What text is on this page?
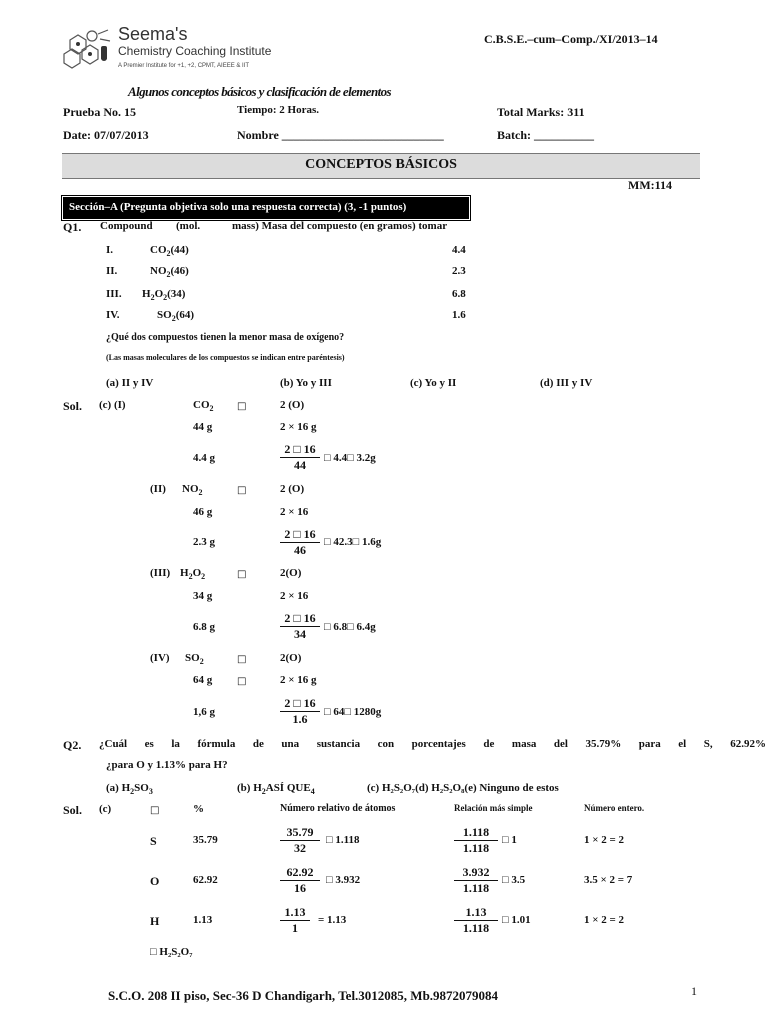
Seema's
Chemistry Coaching Institute
A Premier Institute for +1, +2, CPMT, AIEEE & IIT
C.B.S.E.–cum–Comp./XI/2013–14
Algunos conceptos básicos y clasificación de elementos
Prueba No. 15	Tiempo: 2 Horas.	Total Marks: 311
Date: 07/07/2013	Nombre ___________________________	Batch: __________
CONCEPTOS BÁSICOS
MM:114
Sección–A (Pregunta objetiva solo una respuesta correcta) (3, -1 puntos)
Q1. Compound (mol.	mass) Masa del compuesto (en gramos) tomar
I.	$CO_2(44)$	4.4
II.	$NO_2(46)$	2.3
III. $H_2O_2(34)$	6.8
IV.	$SO_2(64)$	1.6
¿Qué dos compuestos tienen la menor masa de oxígeno?
(Las masas moleculares de los compuestos se indican entre paréntesis)
(a) II y IV	(b) Yo y III	(c) Yo y II	(d) III y IV
Sol. (c) (I)	$CO_2$ □	2 (O)
44 g	2 × 16 g
4.4 g	$\frac{2 □ 16}{44}$ □ 4.4□ 3.2g
(II) $NO_2$	□	2 (O)
46 g	2 × 16
2.3 g	$\frac{2 □ 16}{46}$ □ 42.3□ 1.6g
(III) $H_2O_2$	□	2(O)
34 g	2 × 16
6.8 g	$\frac{2 □ 16}{34}$ □ 6.8□ 6.4g
(IV) $SO_2$	□	2(O)
64 g □	2 × 16 g
1,6 g	$\frac{2 □ 16}{1.6}$ □ 64□ 1280g
Q2. ¿Cuál es la fórmula de una sustancia con porcentajes de masa del 35.79% para el S, 62.92%
¿para O y 1.13% para H?
(a) $H_2SO_3$	(b) $H_2ASÍ$ $QUE_4$	(c) H₂S₂O₇(d) H₂S₂O₈(e) Ninguno de estos
Sol. (c)	□	%	Número relativo de átomos	Relación más simple	Número entero.
S	35.79	$\frac{35.79}{32}$ □ 1.118	$\frac{1.118}{1.118}$ □ 1	1 × 2 = 2
O	62.92	$\frac{62.92}{16}$ □ 3.932	$\frac{3.932}{1.118}$ □ 3.5	3.5 × 2 = 7
H	1.13	$\frac{1.13}{1} = 1.13$	$\frac{1.13}{1.118}$ □ 1.01	1 × 2 = 2
□ H₂S₂O₇
S.C.O. 208 II piso, Sec-36 D Chandigarh, Tel.3012085, Mb.9872079084	1
